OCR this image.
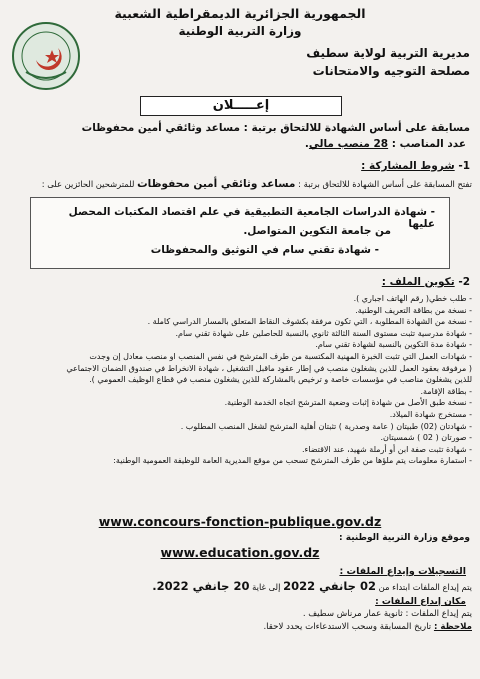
الجمهورية الجزائرية الديمقراطية الشعبية
وزارة التربية الوطنية
مديرية التربية لولاية سطيف
مصلحة التوجيه والامتحانات
إعـــــلان
مسابقة على أساس الشهادة للالتحاق برتبة : مساعد وثائقي أمين محفوظات
عدد المناصب : 28 منصب مالي.
1- شروط المشاركة :
تفتح المسابقة على أساس الشهادة للالتحاق برتبة : مساعد وثائقي أمين محفوظات للمترشحين الحائزين على :
- شهادة الدراسات الجامعية التطبيقية في علم اقتصاد المكتبات المحصل عليها
من جامعة التكوين المتواصل.
- شهادة تقني سام في التوثيق والمحفوظات
2- تكوين الملف :
- طلب خطي( رقم الهاتف اجباري ).
- نسخة من بطاقة التعريف الوطنية.
- نسخة من الشهادة المطلوبة ، التي تكون مرفقة بكشوف النقاط المتعلق بالمسار الدراسي كاملة .
- شهادة مدرسية تثبت مستوى السنة الثالثة ثانوي بالنسبة للحاصلين على شهادة تقني سام.
- شهادة مدة التكوين بالنسبة لشهادة تقني سام.
- شهادات العمل التي تثبت الخبرة المهنية المكتسبة من طرف المترشح في نفس المنصب او منصب معادل إن وجدت
( مرفوقة بعقود العمل للذين يشغلون منصب في إطار عقود ماقبل التشغيل ، شهادة الانخراط في صندوق الضمان الاجتماعي
للذين يشغلون مناصب في مؤسسات خاصة و ترخيص بالمشاركة للذين يشغلون منصب في قطاع الوظيف العمومي ).
- بطاقة الإقامة.
- نسخة طبق الأصل من شهادة إثبات وضعية المترشح اتجاه الخدمة الوطنية.
- مستخرج شهادة الميلاد.
- شهادتان (02) طبيتان ( عامة وصدرية ) تثبتان أهلية المترشح لشغل المنصب المطلوب .
- صورتان ( 02 ) شمسيتان.
- شهادة تثبت صفة ابن أو أرملة شهيد، عند الاقتضاء.
- استمارة معلومات يتم ملؤها من طرف المترشح تسحب من موقع المديرية العامة للوظيفة العمومية الوطنية:
www.concours-fonction-publique.gov.dz
وموقع وزارة التربية الوطنية :
www.education.gov.dz
التسجيلات وإيداع الملفات :
يتم إيداع الملفات ابتداء من 02 جانفي 2022 إلى غاية 20 جانفي 2022.
مكان إيداع الملفات :
يتم إيداع الملفات : ثانوية عمار مرناش سطيف .
ملاحظة : تاريخ المسابقة وسحب الاستدعاءات يحدد لاحقا.
